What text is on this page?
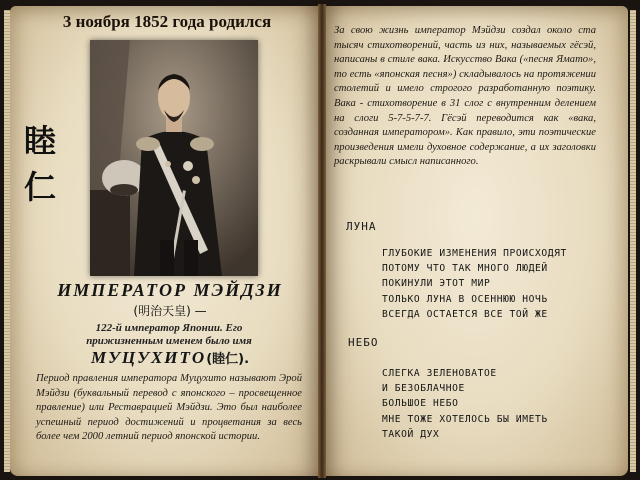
3 ноября 1852 года родился
睦
仁
ИМПЕРАТОР МЭЙДЗИ
(明治天皇) —
122-й император Японии. Его
прижизненным именем было имя
МУЦУХИТО(睦仁).
Период правления императора Муцухито называют Эрой Мэйдзи (буквальный перевод с японского – просвещенное правление) или Реставрацией Мэйдзи. Это был наиболее успешный период достижений и процветания за весь более чем 2000 летний период японской истории.
За свою жизнь император Мэйдзи создал около ста тысяч стихотворений, часть из них, называемых гёсэй, написаны в стиле вака. Искусство Вака («песня Ямато», то есть «японская песня») складывалось на протяжении столетий и имело строгого разработанную поэтику. Вака - стихотворение в 31 слог с внутренним делением на слоги 5-7-5-7-7. Гёсэй переводится как «вака, созданная императором». Как правило, эти поэтические произведения имели духовное содержание, а их заголовки раскрывали смысл написанного.
ЛУНА
ГЛУБОКИЕ ИЗМЕНЕНИЯ ПРОИСХОДЯТ
ПОТОМУ ЧТО ТАК МНОГО ЛЮДЕЙ
ПОКИНУЛИ ЭТОТ МИР
ТОЛЬКО ЛУНА В ОСЕННЮЮ НОЧЬ
ВСЕГДА ОСТАЕТСЯ ВСЕ ТОЙ ЖЕ
НЕБО
СЛЕГКА ЗЕЛЕНОВАТОЕ
И БЕЗОБЛАЧНОЕ
БОЛЬШОЕ НЕБО
МНЕ ТОЖЕ ХОТЕЛОСЬ БЫ ИМЕТЬ
ТАКОЙ ДУХ
